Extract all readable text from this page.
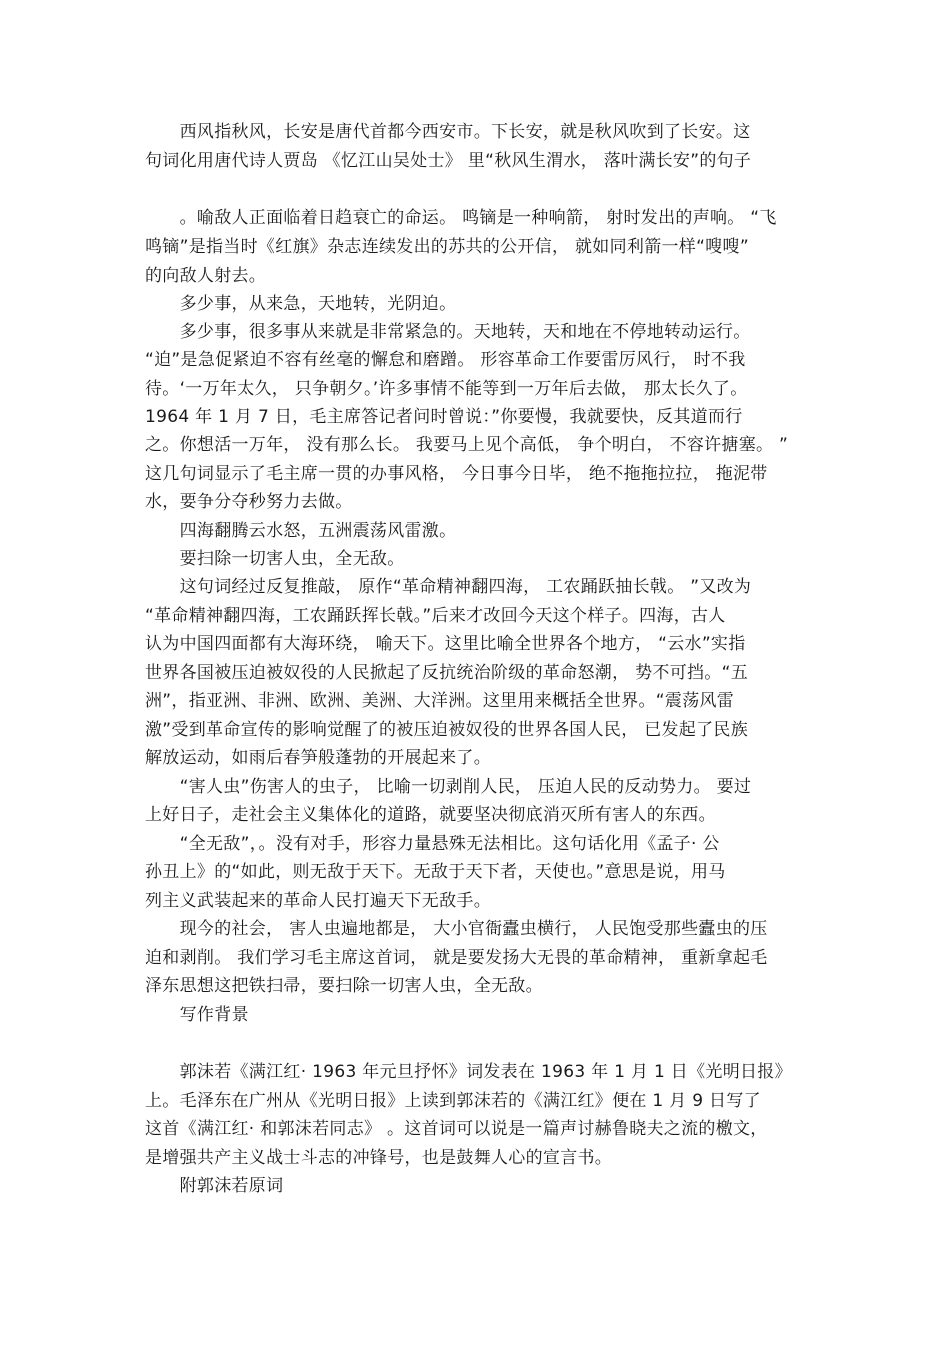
　　西风指秋风，长安是唐代首都今西安市。下长安，就是秋风吹到了长安。这
句词化用唐代诗人贾岛 《忆江山吴处士》 里“秋风生渭水， 落叶满长安”的句子
　　。喻敌人正面临着日趋衰亡的命运。 鸣镝是一种响箭， 射时发出的声响。 “飞
鸣镝”是指当时《红旗》杂志连续发出的苏共的公开信， 就如同利箭一样“嗖嗖”
的向敌人射去。
　　多少事，从来急，天地转，光阴迫。
　　多少事，很多事从来就是非常紧急的。天地转，天和地在不停地转动运行。
“迫”是急促紧迫不容有丝毫的懈怠和磨蹭。 形容革命工作要雷厉风行， 时不我
待。‘一万年太久， 只争朝夕。’许多事情不能等到一万年后去做， 那太长久了。
1964 年 1 月 7 日，毛主席答记者问时曾说：”你要慢，我就要快，反其道而行
之。你想活一万年， 没有那么长。 我要马上见个高低， 争个明白， 不容许搪塞。 ”
这几句词显示了毛主席一贯的办事风格， 今日事今日毕， 绝不拖拖拉拉， 拖泥带
水，要争分夺秒努力去做。
　　四海翻腾云水怒，五洲震荡风雷激。
　　要扫除一切害人虫，全无敌。
　　这句词经过反复推敲， 原作“革命精神翻四海， 工农踊跃抽长戟。 ”又改为
“革命精神翻四海，工农踊跃挥长戟。”后来才改回今天这个样子。四海，古人
认为中国四面都有大海环绕， 喻天下。这里比喻全世界各个地方， “云水”实指
世界各国被压迫被奴役的人民掀起了反抗统治阶级的革命怒潮， 势不可挡。“五
洲”，指亚洲、非洲、欧洲、美洲、大洋洲。这里用来概括全世界。“震荡风雷
激”受到革命宣传的影响觉醒了的被压迫被奴役的世界各国人民， 已发起了民族
解放运动，如雨后春笋般蓬勃的开展起来了。
　　“害人虫”伤害人的虫子， 比喻一切剥削人民， 压迫人民的反动势力。 要过
上好日子，走社会主义集体化的道路，就要坚决彻底消灭所有害人的东西。
　　“全无敌”，。没有对手，形容力量悬殊无法相比。这句话化用《孟子· 公
孙丑上》的“如此，则无敌于天下。无敌于天下者，天使也。”意思是说，用马
列主义武装起来的革命人民打遍天下无敌手。
　　现今的社会， 害人虫遍地都是， 大小官衙蠹虫横行， 人民饱受那些蠹虫的压
迫和剥削。 我们学习毛主席这首词， 就是要发扬大无畏的革命精神， 重新拿起毛
泽东思想这把铁扫帚，要扫除一切害人虫，全无敌。
　　写作背景
　　郭沫若《满江红· 1963 年元旦抒怀》词发表在 1963 年 1 月 1 日《光明日报》
上。毛泽东在广州从《光明日报》上读到郭沫若的《满江红》便在 1 月 9 日写了
这首《满江红· 和郭沫若同志》 。这首词可以说是一篇声讨赫鲁晓夫之流的檄文，
是增强共产主义战士斗志的冲锋号，也是鼓舞人心的宣言书。
　　附郭沫若原词
